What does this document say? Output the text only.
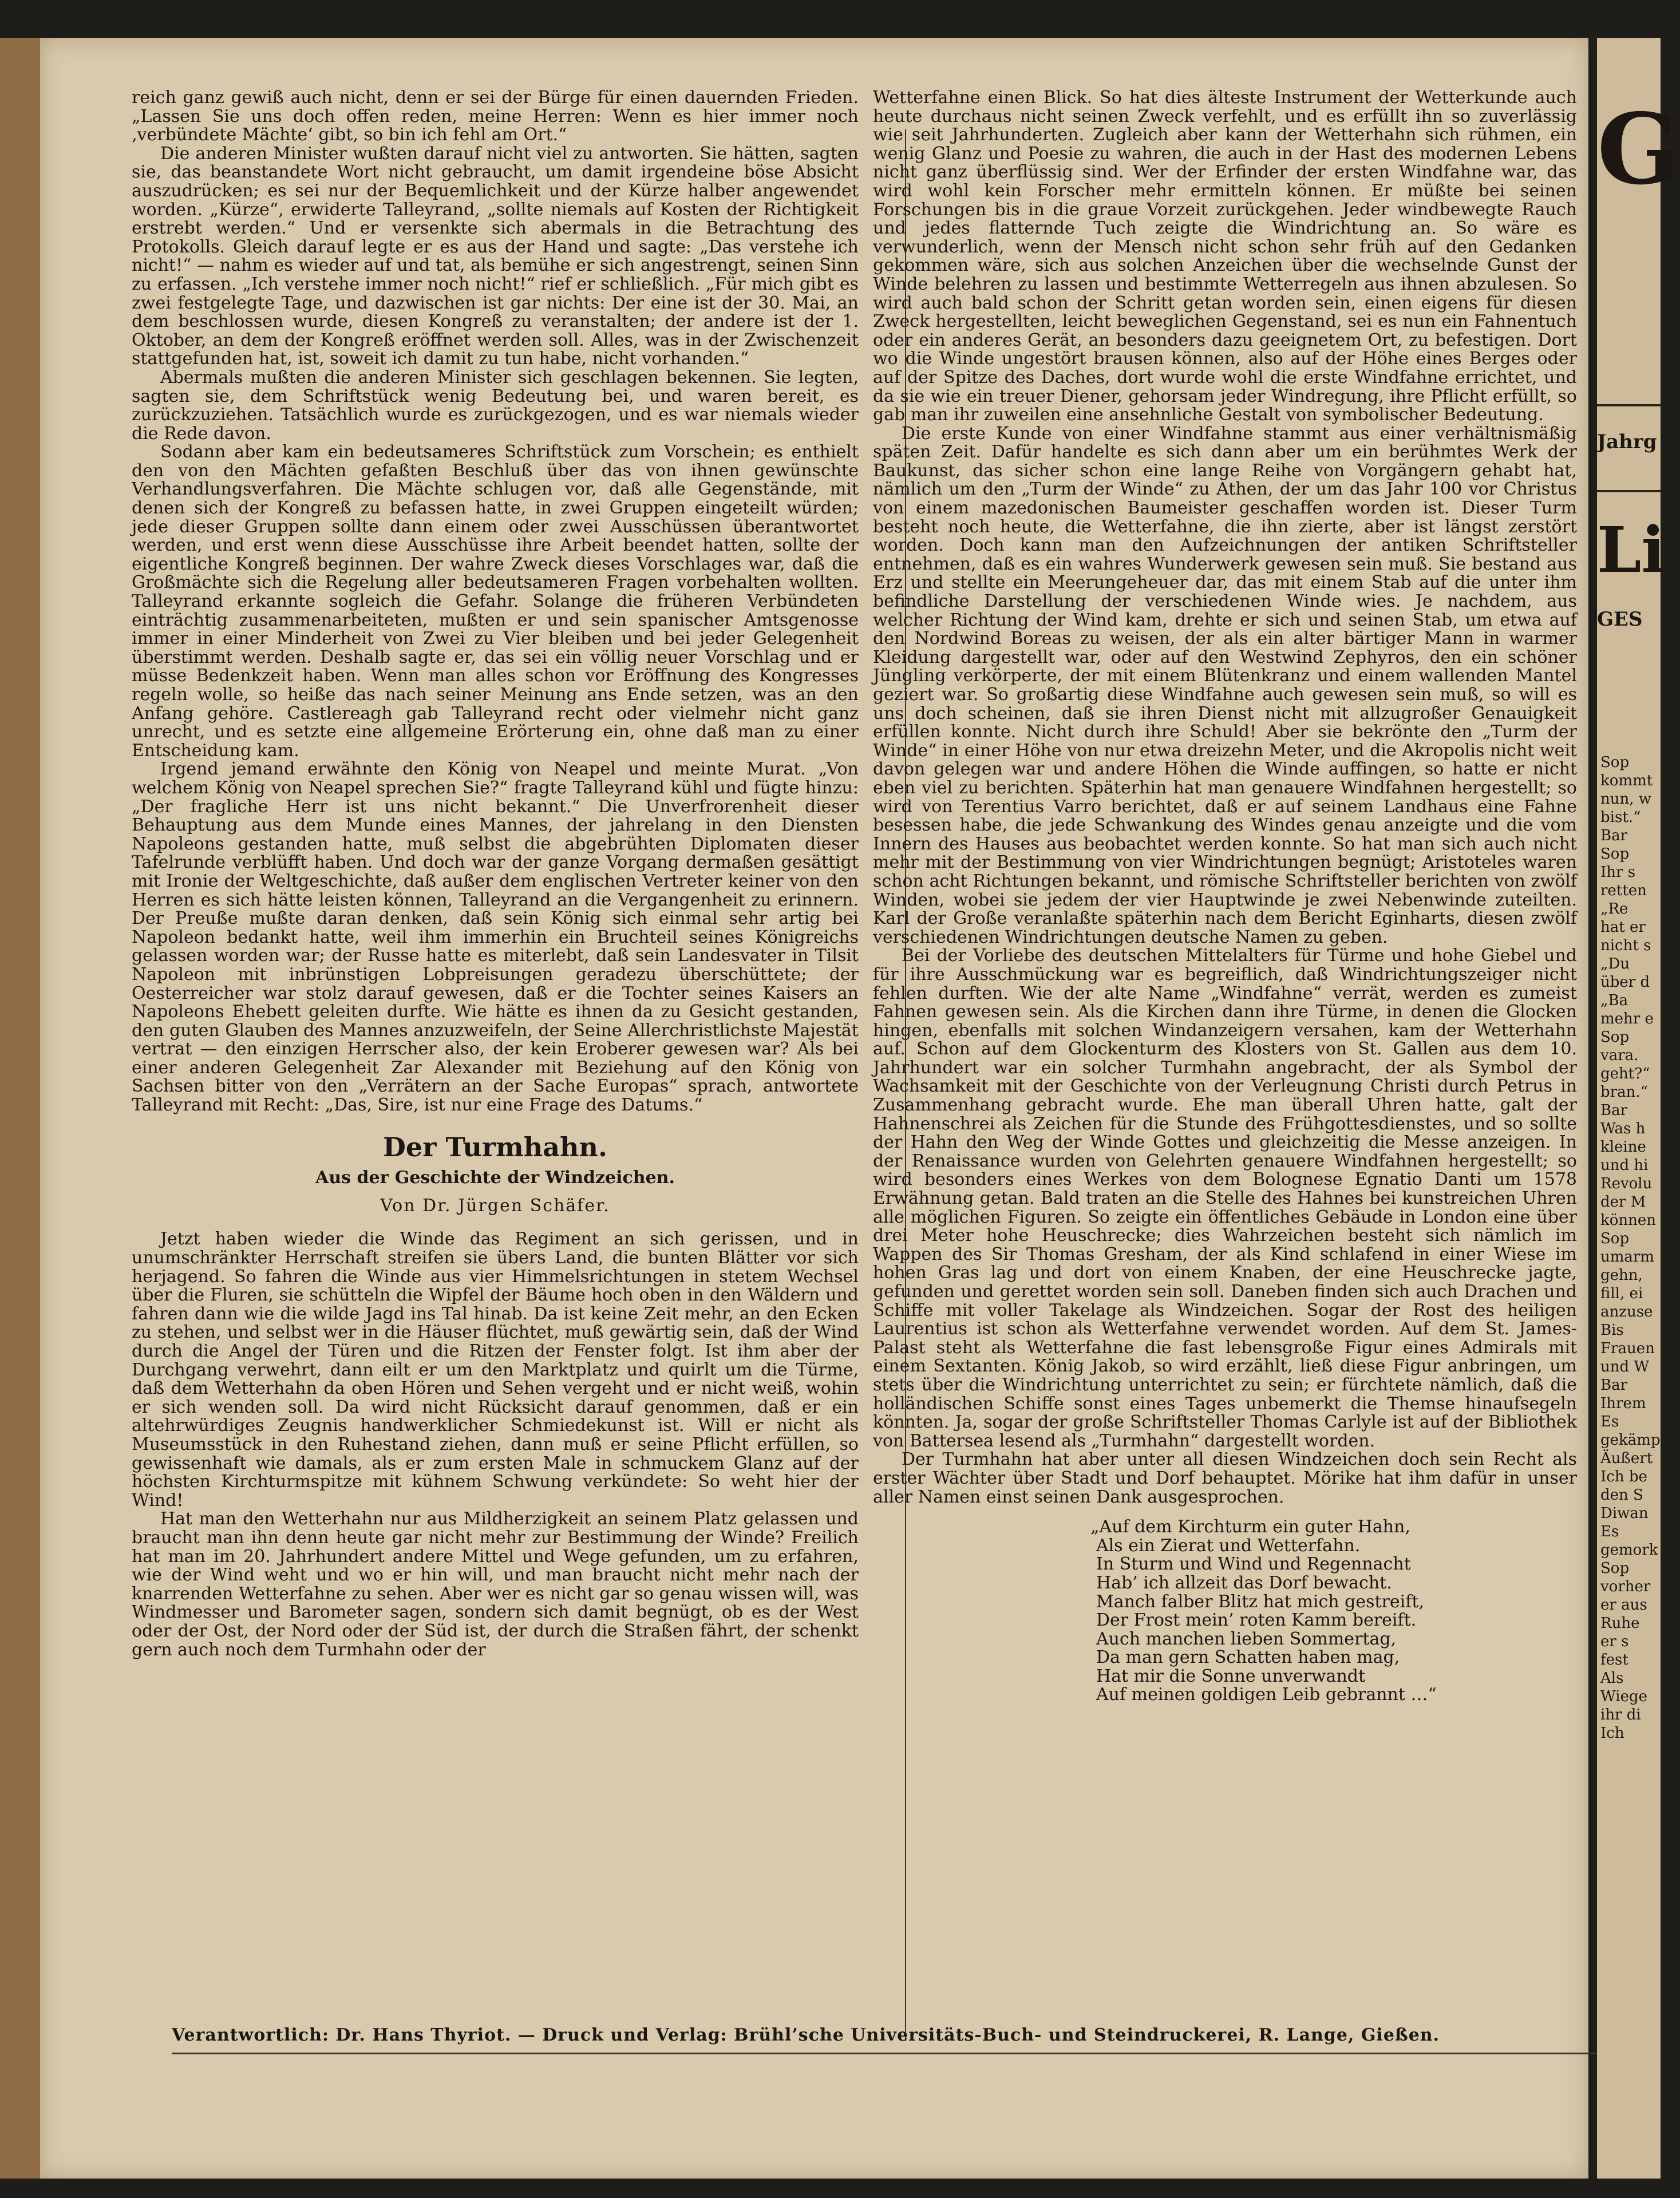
reich ganz gewiß auch nicht, denn er sei der Bürge für einen dauernden Frieden. „Lassen Sie uns doch offen reden, meine Herren: Wenn es hier immer noch ‚verbündete Mächte‘ gibt, so bin ich fehl am Ort.“

Die anderen Minister wußten darauf nicht viel zu antworten. Sie hätten, sagten sie, das beanstandete Wort nicht gebraucht, um damit irgendeine böse Absicht auszudrücken; es sei nur der Bequemlichkeit und der Kürze halber angewendet worden. „Kürze“, erwiderte Talleyrand, „sollte niemals auf Kosten der Richtigkeit erstrebt werden.“ Und er versenkte sich abermals in die Betrachtung des Protokolls. Gleich darauf legte er es aus der Hand und sagte: „Das verstehe ich nicht!“ — nahm es wieder auf und tat, als bemühe er sich angestrengt, seinen Sinn zu erfassen. „Ich verstehe immer noch nicht!“ rief er schließlich. „Für mich gibt es zwei festgelegte Tage, und dazwischen ist gar nichts: Der eine ist der 30. Mai, an dem beschlossen wurde, diesen Kongreß zu veranstalten; der andere ist der 1. Oktober, an dem der Kongreß eröffnet werden soll. Alles, was in der Zwischenzeit stattgefunden hat, ist, soweit ich damit zu tun habe, nicht vorhanden.“

Abermals mußten die anderen Minister sich geschlagen bekennen. Sie legten, sagten sie, dem Schriftstück wenig Bedeutung bei, und waren bereit, es zurückzuziehen. Tatsächlich wurde es zurückgezogen, und es war niemals wieder die Rede davon.

Sodann aber kam ein bedeutsameres Schriftstück zum Vorschein; es enthielt den von den Mächten gefaßten Beschluß über das von ihnen gewünschte Verhandlungsverfahren. Die Mächte schlugen vor, daß alle Gegenstände, mit denen sich der Kongreß zu befassen hatte, in zwei Gruppen eingeteilt würden; jede dieser Gruppen sollte dann einem oder zwei Ausschüssen überantwortet werden, und erst wenn diese Ausschüsse ihre Arbeit beendet hatten, sollte der eigentliche Kongreß beginnen. Der wahre Zweck dieses Vorschlages war, daß die Großmächte sich die Regelung aller bedeutsameren Fragen vorbehalten wollten. Talleyrand erkannte sogleich die Gefahr. Solange die früheren Verbündeten einträchtig zusammenarbeiteten, mußten er und sein spanischer Amtsgenosse immer in einer Minderheit von Zwei zu Vier bleiben und bei jeder Gelegenheit überstimmt werden. Deshalb sagte er, das sei ein völlig neuer Vorschlag und er müsse Bedenkzeit haben. Wenn man alles schon vor Eröffnung des Kongresses regeln wolle, so heiße das nach seiner Meinung ans Ende setzen, was an den Anfang gehöre. Castlereagh gab Talleyrand recht oder vielmehr nicht ganz unrecht, und es setzte eine allgemeine Erörterung ein, ohne daß man zu einer Entscheidung kam.

Irgend jemand erwähnte den König von Neapel und meinte Murat. „Von welchem König von Neapel sprechen Sie?“ fragte Talleyrand kühl und fügte hinzu: „Der fragliche Herr ist uns nicht bekannt.“ Die Unverfrorenheit dieser Behauptung aus dem Munde eines Mannes, der jahrelang in den Diensten Napoleons gestanden hatte, muß selbst die abgebrühten Diplomaten dieser Tafelrunde verblüfft haben. Und doch war der ganze Vorgang dermaßen gesättigt mit Ironie der Weltgeschichte, daß außer dem englischen Vertreter keiner von den Herren es sich hätte leisten können, Talleyrand an die Vergangenheit zu erinnern. Der Preuße mußte daran denken, daß sein König sich einmal sehr artig bei Napoleon bedankt hatte, weil ihm immerhin ein Bruchteil seines Königreichs gelassen worden war; der Russe hatte es miterlebt, daß sein Landesvater in Tilsit Napoleon mit inbrünstigen Lobpreisungen geradezu überschüttete; der Oesterreicher war stolz darauf gewesen, daß er die Tochter seines Kaisers an Napoleons Ehebett geleiten durfte. Wie hätte es ihnen da zu Gesicht gestanden, den guten Glauben des Mannes anzuzweifeln, der Seine Allerchristlichste Majestät vertrat — den einzigen Herrscher also, der kein Eroberer gewesen war? Als bei einer anderen Gelegenheit Zar Alexander mit Beziehung auf den König von Sachsen bitter von den „Verrätern an der Sache Europas“ sprach, antwortete Talleyrand mit Recht: „Das, Sire, ist nur eine Frage des Datums.“

Der Turmhahn.
Aus der Geschichte der Windzeichen.
Von Dr. Jürgen Schäfer.

Jetzt haben wieder die Winde das Regiment an sich gerissen, und in unumschränkter Herrschaft streifen sie übers Land, die bunten Blätter vor sich herjagend. So fahren die Winde aus vier Himmelsrichtungen in stetem Wechsel über die Fluren, sie schütteln die Wipfel der Bäume hoch oben in den Wäldern und fahren dann wie die wilde Jagd ins Tal hinab. Da ist keine Zeit mehr, an den Ecken zu stehen, und selbst wer in die Häuser flüchtet, muß gewärtig sein, daß der Wind durch die Angel der Türen und die Ritzen der Fenster folgt. Ist ihm aber der Durchgang verwehrt, dann eilt er um den Marktplatz und quirlt um die Türme, daß dem Wetterhahn da oben Hören und Sehen vergeht und er nicht weiß, wohin er sich wenden soll. Da wird nicht Rücksicht darauf genommen, daß er ein altehrwürdiges Zeugnis handwerklicher Schmiedekunst ist. Will er nicht als Museumsstück in den Ruhestand ziehen, dann muß er seine Pflicht erfüllen, so gewissenhaft wie damals, als er zum ersten Male in schmuckem Glanz auf der höchsten Kirchturmspitze mit kühnem Schwung verkündete: So weht hier der Wind!

Hat man den Wetterhahn nur aus Mildherzigkeit an seinem Platz gelassen und braucht man ihn denn heute gar nicht mehr zur Bestimmung der Winde? Freilich hat man im 20. Jahrhundert andere Mittel und Wege gefunden, um zu erfahren, wie der Wind weht und wo er hin will, und man braucht nicht mehr nach der knarrenden Wetterfahne zu sehen. Aber wer es nicht gar so genau wissen will, was Windmesser und Barometer sagen, sondern sich damit begnügt, ob es der West oder der Ost, der Nord oder der Süd ist, der durch die Straßen fährt, der schenkt gern auch noch dem Turmhahn oder der

Wetterfahne einen Blick. So hat dies älteste Instrument der Wetterkunde auch heute durchaus nicht seinen Zweck verfehlt, und es erfüllt ihn so zuverlässig wie seit Jahrhunderten. Zugleich aber kann der Wetterhahn sich rühmen, ein wenig Glanz und Poesie zu wahren, die auch in der Hast des modernen Lebens nicht ganz überflüssig sind. Wer der Erfinder der ersten Windfahne war, das wird wohl kein Forscher mehr ermitteln können. Er müßte bei seinen Forschungen bis in die graue Vorzeit zurückgehen. Jeder windbewegte Rauch und jedes flatternde Tuch zeigte die Windrichtung an. So wäre es verwunderlich, wenn der Mensch nicht schon sehr früh auf den Gedanken gekommen wäre, sich aus solchen Anzeichen über die wechselnde Gunst der Winde belehren zu lassen und bestimmte Wetterregeln aus ihnen abzulesen. So wird auch bald schon der Schritt getan worden sein, einen eigens für diesen Zweck hergestellten, leicht beweglichen Gegenstand, sei es nun ein Fahnentuch oder ein anderes Gerät, an besonders dazu geeignetem Ort, zu befestigen. Dort wo die Winde ungestört brausen können, also auf der Höhe eines Berges oder auf der Spitze des Daches, dort wurde wohl die erste Windfahne errichtet, und da sie wie ein treuer Diener, gehorsam jeder Windregung, ihre Pflicht erfüllt, so gab man ihr zuweilen eine ansehnliche Gestalt von symbolischer Bedeutung.

Die erste Kunde von einer Windfahne stammt aus einer verhältnismäßig späten Zeit. Dafür handelte es sich dann aber um ein berühmtes Werk der Baukunst, das sicher schon eine lange Reihe von Vorgängern gehabt hat, nämlich um den „Turm der Winde“ zu Athen, der um das Jahr 100 vor Christus von einem mazedonischen Baumeister geschaffen worden ist. Dieser Turm besteht noch heute, die Wetterfahne, die ihn zierte, aber ist längst zerstört worden. Doch kann man den Aufzeichnungen der antiken Schriftsteller entnehmen, daß es ein wahres Wunderwerk gewesen sein muß. Sie bestand aus Erz und stellte ein Meerungeheuer dar, das mit einem Stab auf die unter ihm befindliche Darstellung der verschiedenen Winde wies. Je nachdem, aus welcher Richtung der Wind kam, drehte er sich und seinen Stab, um etwa auf den Nordwind Boreas zu weisen, der als ein alter bärtiger Mann in warmer Kleidung dargestellt war, oder auf den Westwind Zephyros, den ein schöner Jüngling verkörperte, der mit einem Blütenkranz und einem wallenden Mantel geziert war. So großartig diese Windfahne auch gewesen sein muß, so will es uns doch scheinen, daß sie ihren Dienst nicht mit allzugroßer Genauigkeit erfüllen konnte. Nicht durch ihre Schuld! Aber sie bekrönte den „Turm der Winde“ in einer Höhe von nur etwa dreizehn Meter, und die Akropolis nicht weit davon gelegen war und andere Höhen die Winde auffingen, so hatte er nicht eben viel zu berichten. Späterhin hat man genauere Windfahnen hergestellt; so wird von Terentius Varro berichtet, daß er auf seinem Landhaus eine Fahne besessen habe, die jede Schwankung des Windes genau anzeigte und die vom Innern des Hauses aus beobachtet werden konnte. So hat man sich auch nicht mehr mit der Bestimmung von vier Windrichtungen begnügt; Aristoteles waren schon acht Richtungen bekannt, und römische Schriftsteller berichten von zwölf Winden, wobei sie jedem der vier Hauptwinde je zwei Nebenwinde zuteilten. Karl der Große veranlaßte späterhin nach dem Bericht Eginharts, diesen zwölf verschiedenen Windrichtungen deutsche Namen zu geben.

Bei der Vorliebe des deutschen Mittelalters für Türme und hohe Giebel und für ihre Ausschmückung war es begreiflich, daß Windrichtungszeiger nicht fehlen durften. Wie der alte Name „Windfahne“ verrät, werden es zumeist Fahnen gewesen sein. Als die Kirchen dann ihre Türme, in denen die Glocken hingen, ebenfalls mit solchen Windanzeigern versahen, kam der Wetterhahn auf. Schon auf dem Glockenturm des Klosters von St. Gallen aus dem 10. Jahrhundert war ein solcher Turmhahn angebracht, der als Symbol der Wachsamkeit mit der Geschichte von der Verleugnung Christi durch Petrus in Zusammenhang gebracht wurde. Ehe man überall Uhren hatte, galt der Hahnenschrei als Zeichen für die Stunde des Frühgottesdienstes, und so sollte der Hahn den Weg der Winde Gottes und gleichzeitig die Messe anzeigen. In der Renaissance wurden von Gelehrten genauere Windfahnen hergestellt; so wird besonders eines Werkes von dem Bolognese Egnatio Danti um 1578 Erwähnung getan. Bald traten an die Stelle des Hahnes bei kunstreichen Uhren alle möglichen Figuren. So zeigte ein öffentliches Gebäude in London eine über drei Meter hohe Heuschrecke; dies Wahrzeichen besteht sich nämlich im Wappen des Sir Thomas Gresham, der als Kind schlafend in einer Wiese im hohen Gras lag und dort von einem Knaben, der eine Heuschrecke jagte, gefunden und gerettet worden sein soll. Daneben finden sich auch Drachen und Schiffe mit voller Takelage als Windzeichen. Sogar der Rost des heiligen Laurentius ist schon als Wetterfahne verwendet worden. Auf dem St. James-Palast steht als Wetterfahne die fast lebensgroße Figur eines Admirals mit einem Sextanten. König Jakob, so wird erzählt, ließ diese Figur anbringen, um stets über die Windrichtung unterrichtet zu sein; er fürchtete nämlich, daß die holländischen Schiffe sonst eines Tages unbemerkt die Themse hinaufsegeln könnten. Ja, sogar der große Schriftsteller Thomas Carlyle ist auf der Bibliothek von Battersea lesend als „Turmhahn“ dargestellt worden.

Der Turmhahn hat aber unter all diesen Windzeichen doch sein Recht als erster Wächter über Stadt und Dorf behauptet. Mörike hat ihm dafür in unser aller Namen einst seinen Dank ausgesprochen.

„Auf dem Kirchturm ein guter Hahn,
Als ein Zierat und Wetterfahn.
In Sturm und Wind und Regennacht
Hab’ ich allzeit das Dorf bewacht.
Manch falber Blitz hat mich gestreift,
Der Frost mein’ roten Kamm bereift.
Auch manchen lieben Sommertag,
Da man gern Schatten haben mag,
Hat mir die Sonne unverwandt
Auf meinen goldigen Leib gebrannt …“
Verantwortlich: Dr. Hans Thyriot. — Druck und Verlag: Brühl’sche Universitäts-Buch- und Steindruckerei, R. Lange, Gießen.
G
Jahrg
Li
GES
Sop
kommt
nun, w
bist.“
Bar
Sop
Ihr s
retten
„Re
hat er
nicht s
„Du
über d
„Ba
mehr e
Sop
vara.
geht?“
bran.“
Bar
Was h
kleine
und hi
Revolu
der M
können
Sop
umarm
gehn,
fill, ei
anzuse
Bis
Frauen
und W
Bar
Ihrem
Es
gekämp
Äußert
Ich be
den S
Diwan
Es
gemork
Sop
vorher
er aus
Ruhe
er s
fest
Als
Wiege
ihr di
Ich
